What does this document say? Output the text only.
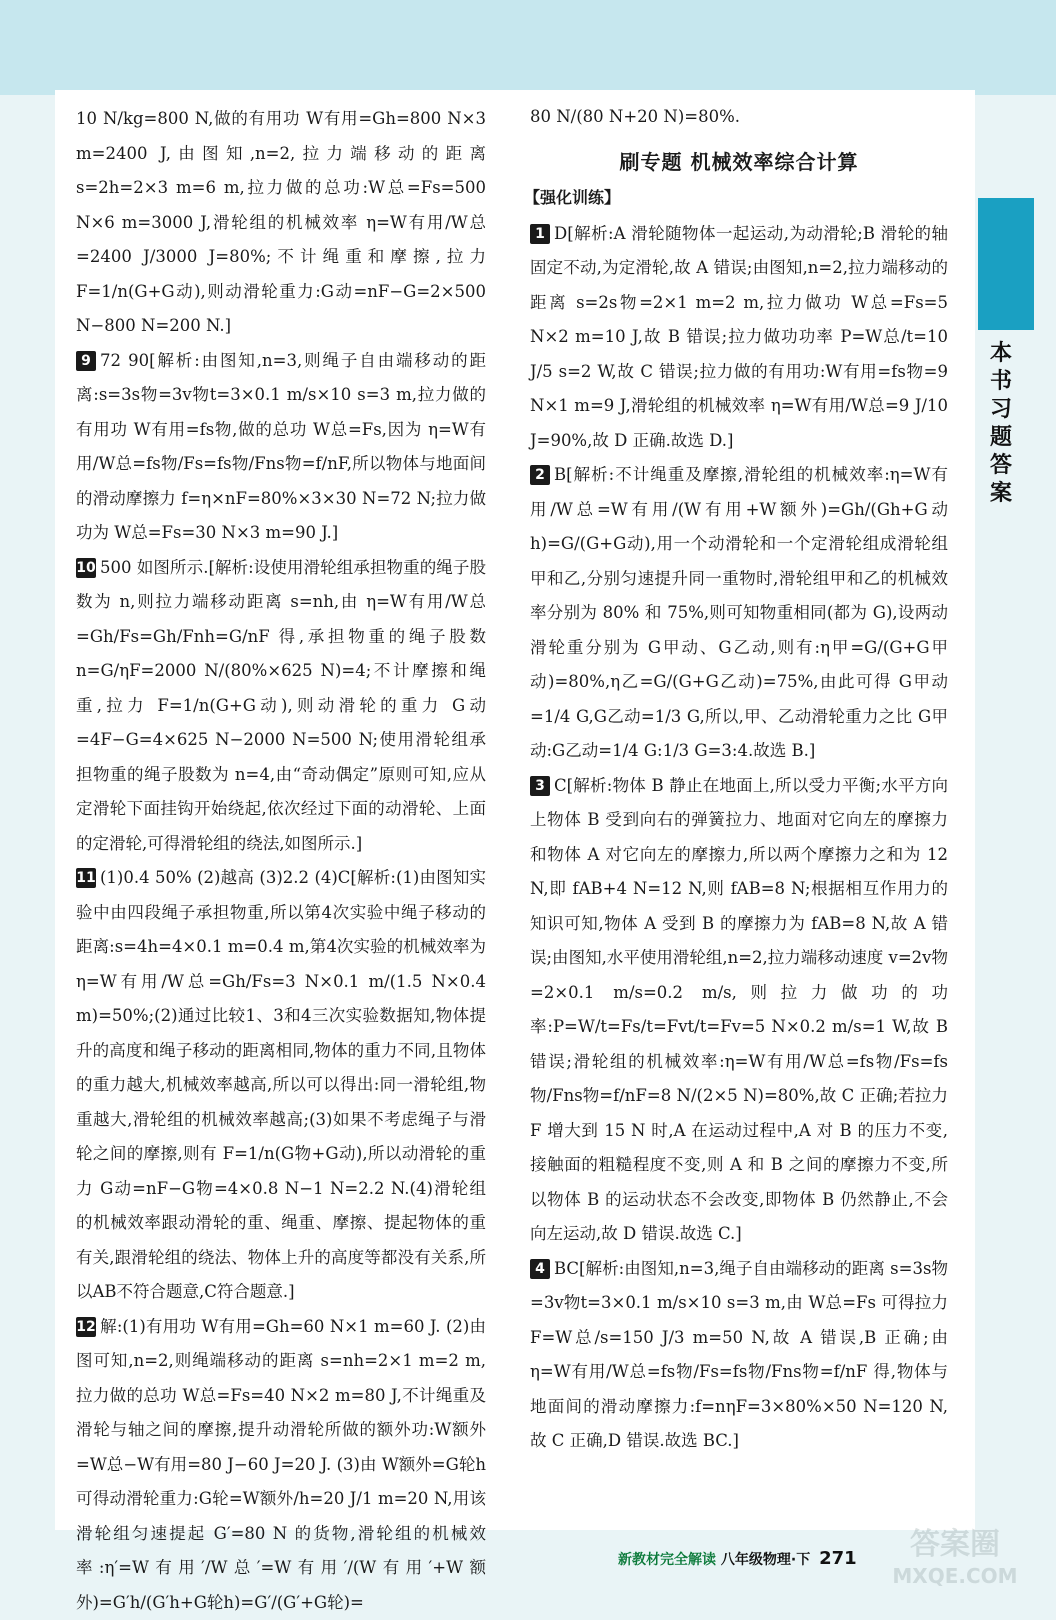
本书习题答案

10 N/kg=800 N,做的有用功 W有用=Gh=800 N×3 m=2400 J,由图知,n=2,拉力端移动的距离 s=2h=2×3 m=6 m,拉力做的总功:W总=Fs=500 N×6 m=3000 J,滑轮组的机械效率 η=W有用/W总=2400 J/3000 J=80%;不计绳重和摩擦,拉力 F=1/n(G+G动),则动滑轮重力:G动=nF−G=2×500 N−800 N=200 N.]

9 72 90[解析:由图知,n=3,则绳子自由端移动的距离:s=3s物=3v物t=3×0.1 m/s×10 s=3 m,拉力做的有用功 W有用=fs物,做的总功 W总=Fs,因为 η=W有用/W总=fs物/Fs=fs物/Fns物=f/nF,所以物体与地面间的滑动摩擦力 f=η×nF=80%×3×30 N=72 N;拉力做功为 W总=Fs=30 N×3 m=90 J.]

10 500 如图所示.[解析:设使用滑轮组承担物重的绳子股数为 n,则拉力端移动距离 s=nh,由 η=W有用/W总=Gh/Fs=Gh/Fnh=G/nF 得,承担物重的绳子股数 n=G/ηF=2000 N/(80%×625 N)=4;不计摩擦和绳重,拉力 F=1/n(G+G动),则动滑轮的重力 G动=4F−G=4×625 N−2000 N=500 N;使用滑轮组承担物重的绳子股数为 n=4,由“奇动偶定”原则可知,应从定滑轮下面挂钩开始绕起,依次经过下面的动滑轮、上面的定滑轮,可得滑轮组的绕法,如图所示.]

11 (1)0.4 50% (2)越高 (3)2.2 (4)C[解析:(1)由图知实验中由四段绳子承担物重,所以第4次实验中绳子移动的距离:s=4h=4×0.1 m=0.4 m,第4次实验的机械效率为 η=W有用/W总=Gh/Fs=3 N×0.1 m/(1.5 N×0.4 m)=50%;(2)通过比较1、3和4三次实验数据知,物体提升的高度和绳子移动的距离相同,物体的重力不同,且物体的重力越大,机械效率越高,所以可以得出:同一滑轮组,物重越大,滑轮组的机械效率越高;(3)如果不考虑绳子与滑轮之间的摩擦,则有 F=1/n(G物+G动),所以动滑轮的重力 G动=nF−G物=4×0.8 N−1 N=2.2 N.(4)滑轮组的机械效率跟动滑轮的重、绳重、摩擦、提起物体的重有关,跟滑轮组的绕法、物体上升的高度等都没有关系,所以AB不符合题意,C符合题意.]

12 解:(1)有用功 W有用=Gh=60 N×1 m=60 J. (2)由图可知,n=2,则绳端移动的距离 s=nh=2×1 m=2 m,拉力做的总功 W总=Fs=40 N×2 m=80 J,不计绳重及滑轮与轴之间的摩擦,提升动滑轮所做的额外功:W额外=W总−W有用=80 J−60 J=20 J. (3)由 W额外=G轮h 可得动滑轮重力:G轮=W额外/h=20 J/1 m=20 N,用该滑轮组匀速提起 G′=80 N 的货物,滑轮组的机械效率:η′=W有用′/W总′=W有用′/(W有用′+W额外)=G′h/(G′h+G轮h)=G′/(G′+G轮)=

80 N/(80 N+20 N)=80%.

刷专题 机械效率综合计算
【强化训练】

1 D[解析:A 滑轮随物体一起运动,为动滑轮;B 滑轮的轴固定不动,为定滑轮,故 A 错误;由图知,n=2,拉力端移动的距离 s=2s物=2×1 m=2 m,拉力做功 W总=Fs=5 N×2 m=10 J,故 B 错误;拉力做功功率 P=W总/t=10 J/5 s=2 W,故 C 错误;拉力做的有用功:W有用=fs物=9 N×1 m=9 J,滑轮组的机械效率 η=W有用/W总=9 J/10 J=90%,故 D 正确.故选 D.]

2 B[解析:不计绳重及摩擦,滑轮组的机械效率:η=W有用/W总=W有用/(W有用+W额外)=Gh/(Gh+G动h)=G/(G+G动),用一个动滑轮和一个定滑轮组成滑轮组甲和乙,分别匀速提升同一重物时,滑轮组甲和乙的机械效率分别为 80% 和 75%,则可知物重相同(都为 G),设两动滑轮重分别为 G甲动、G乙动,则有:η甲=G/(G+G甲动)=80%,η乙=G/(G+G乙动)=75%,由此可得 G甲动=1/4 G,G乙动=1/3 G,所以,甲、乙动滑轮重力之比 G甲动:G乙动=1/4 G:1/3 G=3:4.故选 B.]

3 C[解析:物体 B 静止在地面上,所以受力平衡;水平方向上物体 B 受到向右的弹簧拉力、地面对它向左的摩擦力和物体 A 对它向左的摩擦力,所以两个摩擦力之和为 12 N,即 fAB+4 N=12 N,则 fAB=8 N;根据相互作用力的知识可知,物体 A 受到 B 的摩擦力为 fAB=8 N,故 A 错误;由图知,水平使用滑轮组,n=2,拉力端移动速度 v=2v物=2×0.1 m/s=0.2 m/s,则拉力做功的功率:P=W/t=Fs/t=Fvt/t=Fv=5 N×0.2 m/s=1 W,故 B 错误;滑轮组的机械效率:η=W有用/W总=fs物/Fs=fs物/Fns物=f/nF=8 N/(2×5 N)=80%,故 C 正确;若拉力 F 增大到 15 N 时,A 在运动过程中,A 对 B 的压力不变,接触面的粗糙程度不变,则 A 和 B 之间的摩擦力不变,所以物体 B 的运动状态不会改变,即物体 B 仍然静止,不会向左运动,故 D 错误.故选 C.]

4 BC[解析:由图知,n=3,绳子自由端移动的距离 s=3s物=3v物t=3×0.1 m/s×10 s=3 m,由 W总=Fs 可得拉力 F=W总/s=150 J/3 m=50 N,故 A 错误,B 正确;由 η=W有用/W总=fs物/Fs=fs物/Fns物=f/nF 得,物体与地面间的滑动摩擦力:f=nηF=3×80%×50 N=120 N,故 C 正确,D 错误.故选 BC.]

新教材完全解读 八年级物理·下 271	答案圈
MXQE.COM
